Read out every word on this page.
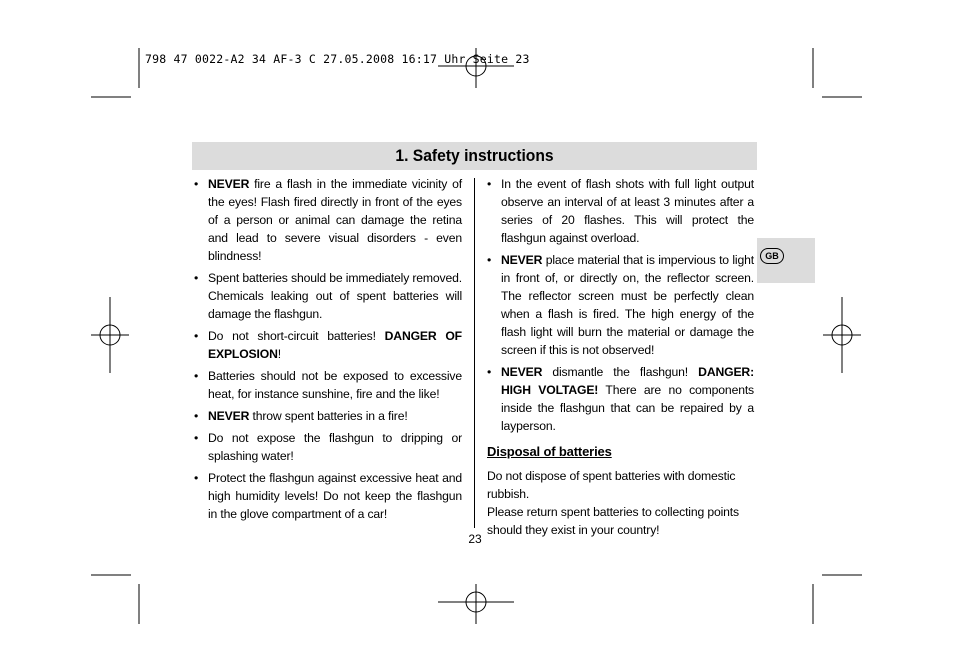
798 47 0022-A2 34 AF-3 C 27.05.2008 16:17 Uhr Seite 23
1. Safety instructions
GB
• NEVER fire a flash in the immediate vicinity of the eyes! Flash fired directly in front of the eyes of a person or animal can damage the retina and lead to severe visual disorders - even blindness!
• Spent batteries should be immediately removed. Chemicals leaking out of spent batteries will damage the flashgun.
• Do not short-circuit batteries! DANGER OF EXPLOSION!
• Batteries should not be exposed to excessive heat, for instance sunshine, fire and the like!
• NEVER throw spent batteries in a fire!
• Do not expose the flashgun to dripping or splashing water!
• Protect the flashgun against excessive heat and high humidity levels! Do not keep the flashgun in the glove compartment of a car!
• In the event of flash shots with full light output observe an interval of at least 3 minutes after a series of 20 flashes. This will protect the flashgun against overload.
• NEVER place material that is impervious to light in front of, or directly on, the reflector screen. The reflector screen must be perfectly clean when a flash is fired. The high energy of the flash light will burn the material or damage the screen if this is not observed!
• NEVER dismantle the flashgun! DANGER: HIGH VOLTAGE! There are no components inside the flashgun that can be repaired by a layperson.
Disposal of batteries

Do not dispose of spent batteries with domestic rubbish.

Please return spent batteries to collecting points should they exist in your country!

23
